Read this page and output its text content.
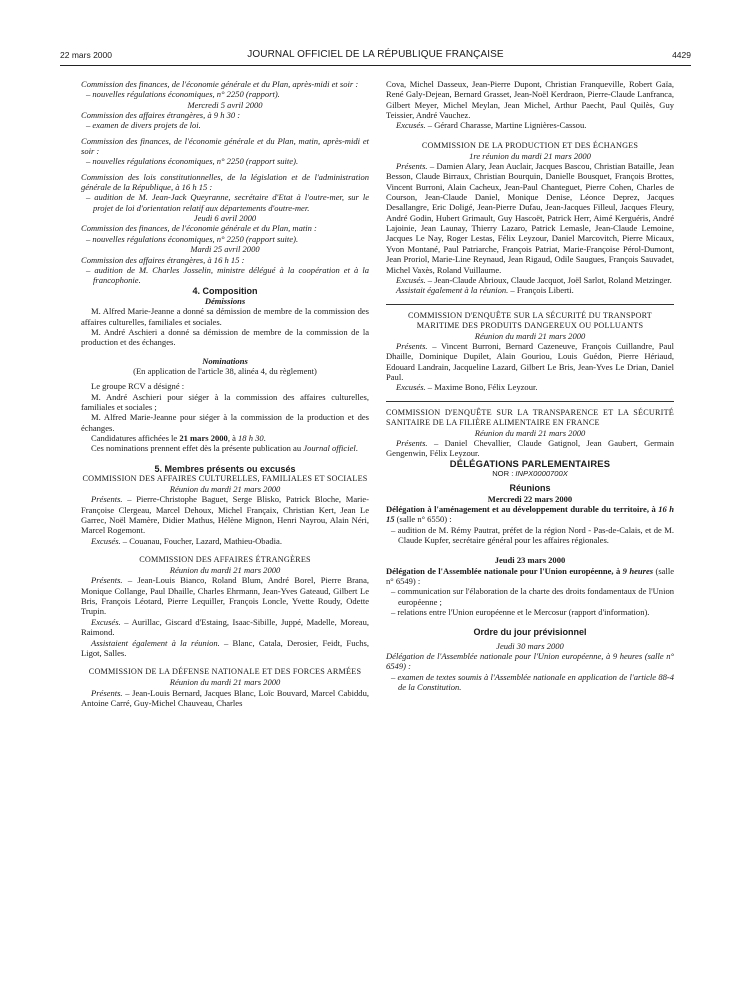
22 mars 2000	JOURNAL OFFICIEL DE LA RÉPUBLIQUE FRANÇAISE	4429

Commission des finances, de l'économie générale et du Plan, après-midi et soir :

– nouvelles régulations économiques, n° 2250 (rapport).

Mercredi 5 avril 2000

Commission des affaires étrangères, à 9 h 30 :

– examen de divers projets de loi.

Commission des finances, de l'économie générale et du Plan, matin, après-midi et soir :

– nouvelles régulations économiques, n° 2250 (rapport suite).

Commission des lois constitutionnelles, de la législation et de l'administration générale de la République, à 16 h 15 :

– audition de M. Jean-Jack Queyranne, secrétaire d'Etat à l'outre-mer, sur le projet de loi d'orientation relatif aux départements d'outre-mer.

Jeudi 6 avril 2000

Commission des finances, de l'économie générale et du Plan, matin :

– nouvelles régulations économiques, n° 2250 (rapport suite).

Mardi 25 avril 2000

Commission des affaires étrangères, à 16 h 15 :

– audition de M. Charles Josselin, ministre délégué à la coopération et à la francophonie.

4. Composition

Démissions

M. Alfred Marie-Jeanne a donné sa démission de membre de la commission des affaires culturelles, familiales et sociales.

M. André Aschieri a donné sa démission de membre de la commission de la production et des échanges.

Nominations

(En application de l'article 38, alinéa 4, du règlement)

Le groupe RCV a désigné :

M. André Aschieri pour siéger à la commission des affaires culturelles, familiales et sociales ;

M. Alfred Marie-Jeanne pour siéger à la commission de la production et des échanges.

Candidatures affichées le 21 mars 2000, à 18 h 30.

Ces nominations prennent effet dès la présente publication au Journal officiel.

5. Membres présents ou excusés

COMMISSION DES AFFAIRES CULTURELLES, FAMILIALES ET SOCIALES

Réunion du mardi 21 mars 2000

Présents. – Pierre-Christophe Baguet, Serge Blisko, Patrick Bloche, Marie-Françoise Clergeau, Marcel Dehoux, Michel Françaix, Christian Kert, Jean Le Garrec, Noël Mamère, Didier Mathus, Hélène Mignon, Henri Nayrou, Alain Néri, Marcel Rogemont.

Excusés. – Couanau, Foucher, Lazard, Mathieu-Obadia.

COMMISSION DES AFFAIRES ÉTRANGÈRES

Réunion du mardi 21 mars 2000

Présents. – Jean-Louis Bianco, Roland Blum, André Borel, Pierre Brana, Monique Collange, Paul Dhaille, Charles Ehrmann, Jean-Yves Gateaud, Gilbert Le Bris, François Léotard, Pierre Lequiller, François Loncle, Yvette Roudy, Odette Trupin.

Excusés. – Aurillac, Giscard d'Estaing, Isaac-Sibille, Juppé, Madelle, Moreau, Raimond.

Assistaient également à la réunion. – Blanc, Catala, Derosier, Feidt, Fuchs, Ligot, Salles.

COMMISSION DE LA DÉFENSE NATIONALE ET DES FORCES ARMÉES

Réunion du mardi 21 mars 2000

Présents. – Jean-Louis Bernard, Jacques Blanc, Loïc Bouvard, Marcel Cabiddu, Antoine Carré, Guy-Michel Chauveau, Charles

Cova, Michel Dasseux, Jean-Pierre Dupont, Christian Franqueville, Robert Gaïa, René Galy-Dejean, Bernard Grasset, Jean-Noël Kerdraon, Pierre-Claude Lanfranca, Gilbert Meyer, Michel Meylan, Jean Michel, Arthur Paecht, Paul Quilès, Guy Teissier, André Vauchez.

Excusés. – Gérard Charasse, Martine Lignières-Cassou.

COMMISSION DE LA PRODUCTION ET DES ÉCHANGES

1re réunion du mardi 21 mars 2000

Présents. – Damien Alary, Jean Auclair, Jacques Bascou, Christian Bataille, Jean Besson, Claude Birraux, Christian Bourquin, Danielle Bousquet, François Brottes, Vincent Burroni, Alain Cacheux, Jean-Paul Chanteguet, Pierre Cohen, Charles de Courson, Jean-Claude Daniel, Monique Denise, Léonce Deprez, Jacques Desallangre, Eric Doligé, Jean-Pierre Dufau, Jean-Jacques Filleul, Jacques Fleury, André Godin, Hubert Grimault, Guy Hascoët, Patrick Herr, Aimé Kerguéris, André Lajoinie, Jean Launay, Thierry Lazaro, Patrick Lemasle, Jean-Claude Lemoine, Jacques Le Nay, Roger Lestas, Félix Leyzour, Daniel Marcovitch, Pierre Micaux, Yvon Montané, Paul Patriarche, François Patriat, Marie-Françoise Pérol-Dumont, Jean Proriol, Marie-Line Reynaud, Jean Rigaud, Odile Saugues, François Sauvadet, Michel Vaxès, Roland Vuillaume.

Excusés. – Jean-Claude Abrioux, Claude Jacquot, Joël Sarlot, Roland Metzinger.

Assistait également à la réunion. – François Liberti.

COMMISSION D'ENQUÊTE SUR LA SÉCURITÉ DU TRANSPORT MARITIME DES PRODUITS DANGEREUX OU POLLUANTS

Réunion du mardi 21 mars 2000

Présents. – Vincent Burroni, Bernard Cazeneuve, François Cuillandre, Paul Dhaille, Dominique Dupilet, Alain Gouriou, Louis Guédon, Pierre Hériaud, Edouard Landrain, Jacqueline Lazard, Gilbert Le Bris, Jean-Yves Le Drian, Daniel Paul.

Excusés. – Maxime Bono, Félix Leyzour.

COMMISSION D'ENQUÊTE SUR LA TRANSPARENCE ET LA SÉCURITÉ SANITAIRE DE LA FILIÈRE ALIMENTAIRE EN FRANCE

Réunion du mardi 21 mars 2000

Présents. – Daniel Chevallier, Claude Gatignol, Jean Gaubert, Germain Gengenwin, Félix Leyzour.

DÉLÉGATIONS PARLEMENTAIRES

NOR : INPX0000700X

Réunions

Mercredi 22 mars 2000

Délégation à l'aménagement et au développement durable du territoire, à 16 h 15 (salle n° 6550) :

– audition de M. Rémy Pautrat, préfet de la région Nord - Pas-de-Calais, et de M. Claude Kupfer, secrétaire général pour les affaires régionales.

Jeudi 23 mars 2000

Délégation de l'Assemblée nationale pour l'Union européenne, à 9 heures (salle n° 6549) :

– communication sur l'élaboration de la charte des droits fondamentaux de l'Union européenne ;

– relations entre l'Union européenne et le Mercosur (rapport d'information).

Ordre du jour prévisionnel

Jeudi 30 mars 2000

Délégation de l'Assemblée nationale pour l'Union européenne, à 9 heures (salle n° 6549) :

– examen de textes soumis à l'Assemblée nationale en application de l'article 88-4 de la Constitution.
